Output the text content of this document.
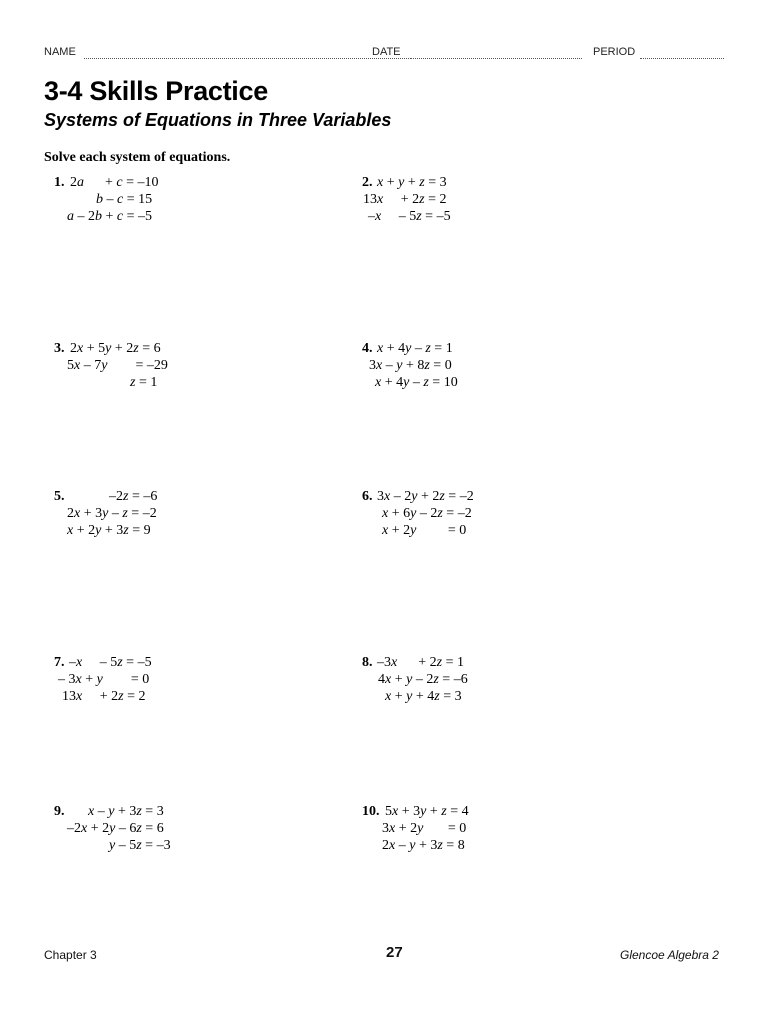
NAME	DATE	PERIOD
3-4 Skills Practice
Systems of Equations in Three Variables
Solve each system of equations.
1. 2a + c = –10
b – c = 15
a – 2b + c = –5
2. x + y + z = 3
13x + 2z = 2
–x – 5z = –5
3. 2x + 5y + 2z = 6
5x – 7y = –29
z = 1
4. x + 4y – z = 1
3x – y + 8z = 0
x + 4y – z = 10
5.	–2z = –6
2x + 3y – z = –2
x + 2y + 3z = 9
6. 3x – 2y + 2z = –2
x + 6y – 2z = –2
x + 2y = 0
7. –x – 5z = –5
– 3x + y = 0
13x + 2z = 2
8. –3x + 2z = 1
4x + y – 2z = –6
x + y + 4z = 3
9. x – y + 3z = 3
–2x + 2y – 6z = 6
y – 5z = –3
10. 5x + 3y + z = 4
3x + 2y = 0
2x – y + 3z = 8
Chapter 3	27	Glencoe Algebra 2
